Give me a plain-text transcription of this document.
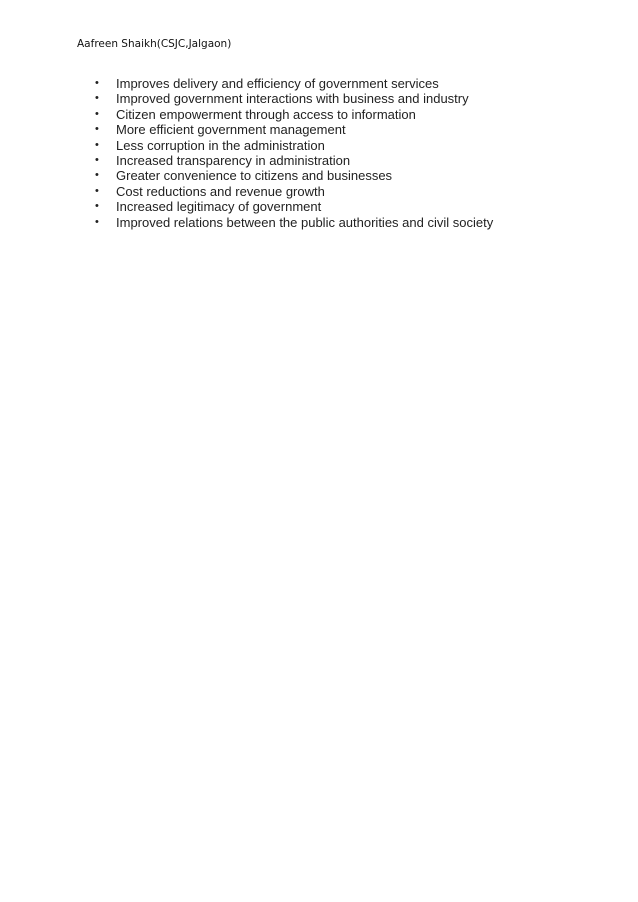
Aafreen Shaikh(CSJC,Jalgaon)
•	Improves delivery and efficiency of government services
•	Improved government interactions with business and industry
•	Citizen empowerment through access to information
•	More efficient government management
•	Less corruption in the administration
•	Increased transparency in administration
•	Greater convenience to citizens and businesses
•	Cost reductions and revenue growth
•	Increased legitimacy of government
•	Improved relations between the public authorities and civil society
